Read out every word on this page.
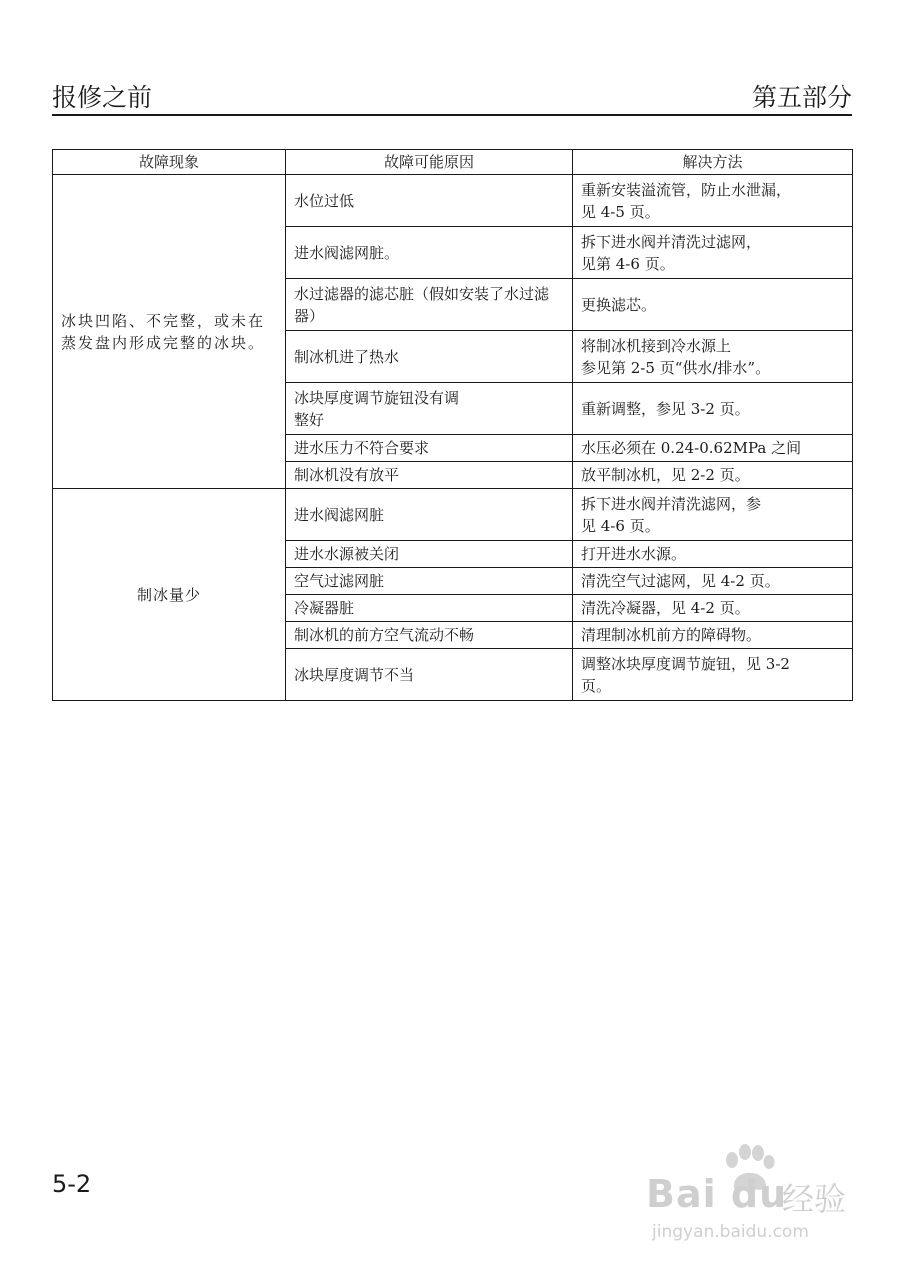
报修之前	第五部分
故障现象	故障可能原因	解决方法

冰块凹陷、不完整，或未在蒸发盘内形成完整的冰块。	水位过低	重新安装溢流管，防止水泄漏，
见 4-5 页。

	进水阀滤网脏。	拆下进水阀并清洗过滤网，
见第 4-6 页。

	水过滤器的滤芯脏（假如安装了水过滤器）	更换滤芯。

	制冰机进了热水	将制冰机接到冷水源上
参见第 2-5 页“供水/排水”。

	冰块厚度调节旋钮没有调
整好	重新调整，参见 3-2 页。

	进水压力不符合要求	水压必须在 0.24-0.62MPa 之间

	制冰机没有放平	放平制冰机，见 2-2 页。

制冰量少	进水阀滤网脏	拆下进水阀并清洗滤网，参
见 4-6 页。

	进水水源被关闭	打开进水水源。

	空气过滤网脏	清洗空气过滤网，见 4-2 页。

	冷凝器脏	清洗冷凝器，见 4-2 页。

	制冰机的前方空气流动不畅	清理制冰机前方的障碍物。

	冰块厚度调节不当	调整冰块厚度调节旋钮，见 3-2
页。
5-2	Bai du
经验
jingyan.baidu.com
